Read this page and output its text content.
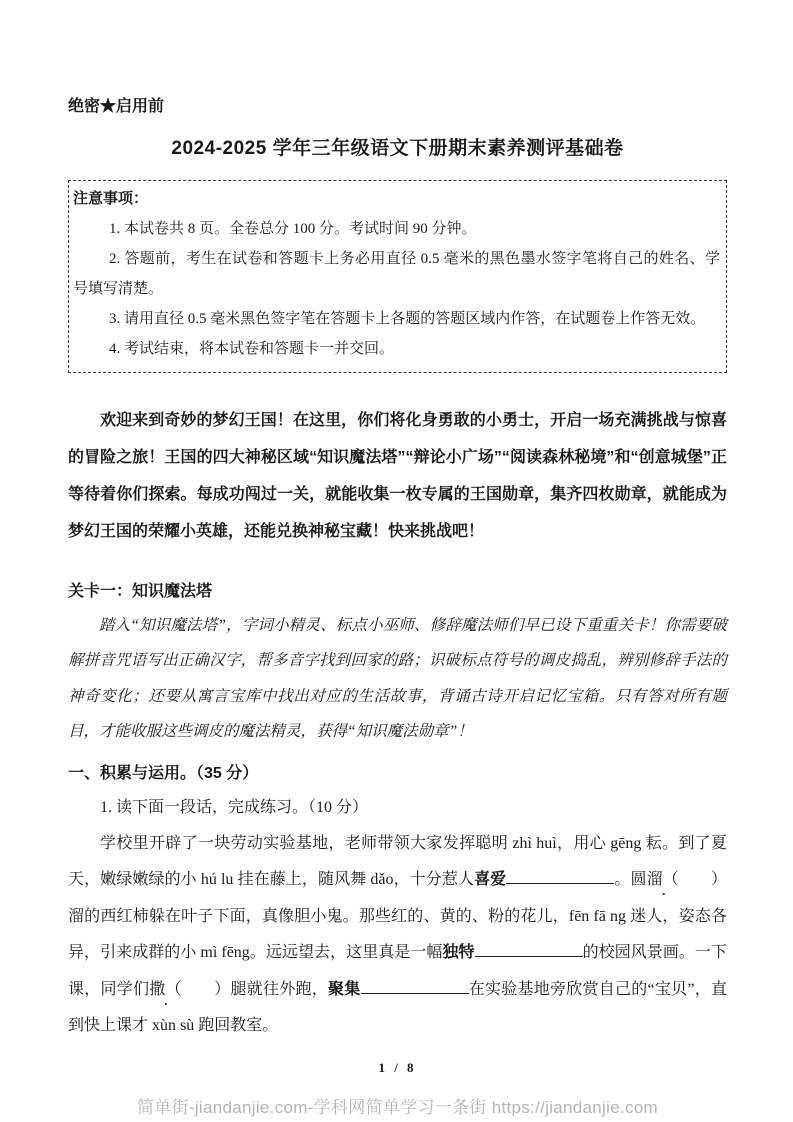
绝密★启用前
2024-2025 学年三年级语文下册期末素养测评基础卷

注意事项：

1. 本试卷共 8 页。全卷总分 100 分。考试时间 90 分钟。

2. 答题前，考生在试卷和答题卡上务必用直径 0.5 毫米的黑色墨水签字笔将自己的姓名、学号填写清楚。

3. 请用直径 0.5 毫米黑色签字笔在答题卡上各题的答题区域内作答，在试题卷上作答无效。

4. 考试结束，将本试卷和答题卡一并交回。

欢迎来到奇妙的梦幻王国！在这里，你们将化身勇敢的小勇士，开启一场充满挑战与惊喜的冒险之旅！王国的四大神秘区域“知识魔法塔”“辩论小广场”“阅读森林秘境”和“创意城堡”正等待着你们探索。每成功闯过一关，就能收集一枚专属的王国勋章，集齐四枚勋章，就能成为梦幻王国的荣耀小英雄，还能兑换神秘宝藏！快来挑战吧！

关卡一：知识魔法塔

踏入“知识魔法塔”，字词小精灵、标点小巫师、修辞魔法师们早已设下重重关卡！你需要破解拼音咒语写出正确汉字，帮多音字找到回家的路；识破标点符号的调皮捣乱，辨别修辞手法的神奇变化；还要从寓言宝库中找出对应的生活故事，背诵古诗开启记忆宝箱。只有答对所有题目，才能收服这些调皮的魔法精灵，获得“知识魔法勋章”！

一、积累与运用。（35 分）

1. 读下面一段话，完成练习。（10 分）

学校里开辟了一块劳动实验基地，老师带领大家发挥聪明 zhì huì，用心 gēng 耘。到了夏天，嫩绿嫩绿的小 hú lu 挂在藤上，随风舞 dǎo，十分惹人喜爱	。圆溜（　　）溜的西红柿躲在叶子下面，真像胆小鬼。那些红的、黄的、粉的花儿，fēn fā ng 迷人，姿态各异，引来成群的小 mì fēng。远远望去，这里真是一幅独特	的校园风景画。一下课，同学们撒（　　）腿就往外跑，聚集	在实验基地旁欣赏自己的“宝贝”，直到快上课才 xùn sù 跑回教室。

1 / 8

简单街-jiandanjie.com-学科网简单学习一条街 https://jiandanjie.com
